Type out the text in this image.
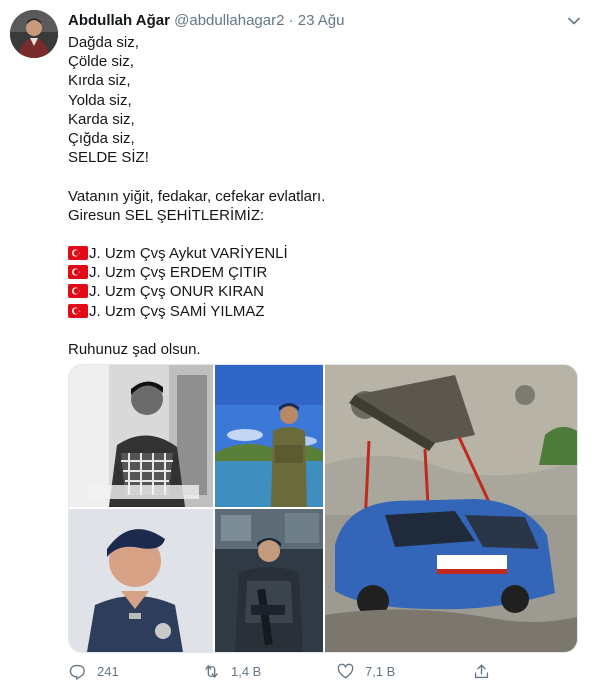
Abdullah Ağar @abdullahagar2 · 23 Ağu
Dağda siz,
Çölde siz,
Kırda siz,
Yolda siz,
Karda siz,
Çığda siz,
SELDE SİZ!
Vatanın yiğit, fedakar, cefekar evlatları.
Giresun SEL ŞEHİTLERİMİZ:
J. Uzm Çvş Aykut VARİYENLİ
J. Uzm Çvş ERDEM ÇITIR
J. Uzm Çvş ONUR KIRAN
J. Uzm Çvş SAMİ YILMAZ
Ruhunuz şad olsun.
241	1,4 B	7,1 B
